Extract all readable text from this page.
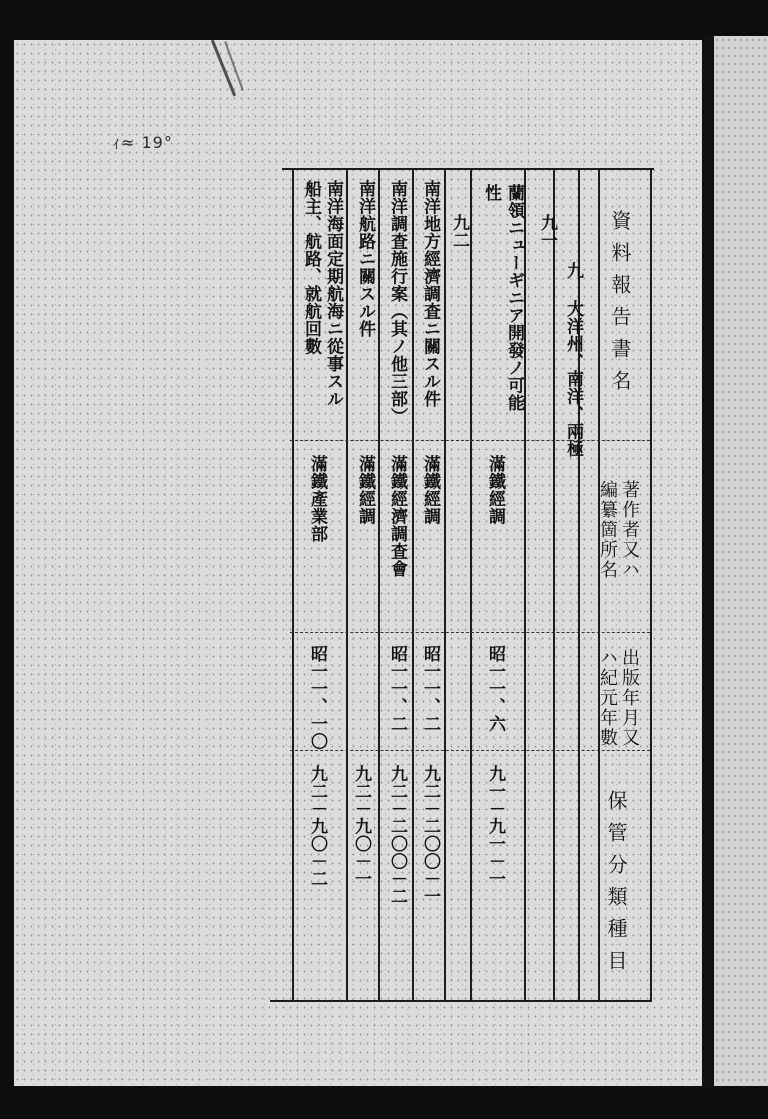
ｨ≈ 19°
資料報告書名
著作者又ハ
編纂箇所名
出版年月又
ハ紀元年數
保管分類種目
九
大洋州、南洋、兩極
九一
蘭領ニューギニア開發ノ可能
性
滿鐵經調
昭一一、六
九一－九一－一
九二
南洋地方經濟調査ニ關スル件
滿鐵經調
昭一一、二
九二－二〇〇－一
南洋調査施行案（其ノ他三部）
滿鐵經濟調査會
昭一一、二
九二－二〇〇－二
南洋航路ニ關スル件
滿鐵經調
九二－九〇－一
南洋海面定期航海ニ從事スル
船主、航路、就航回數
滿鐵產業部
昭一一、一〇
九二－九〇－二
